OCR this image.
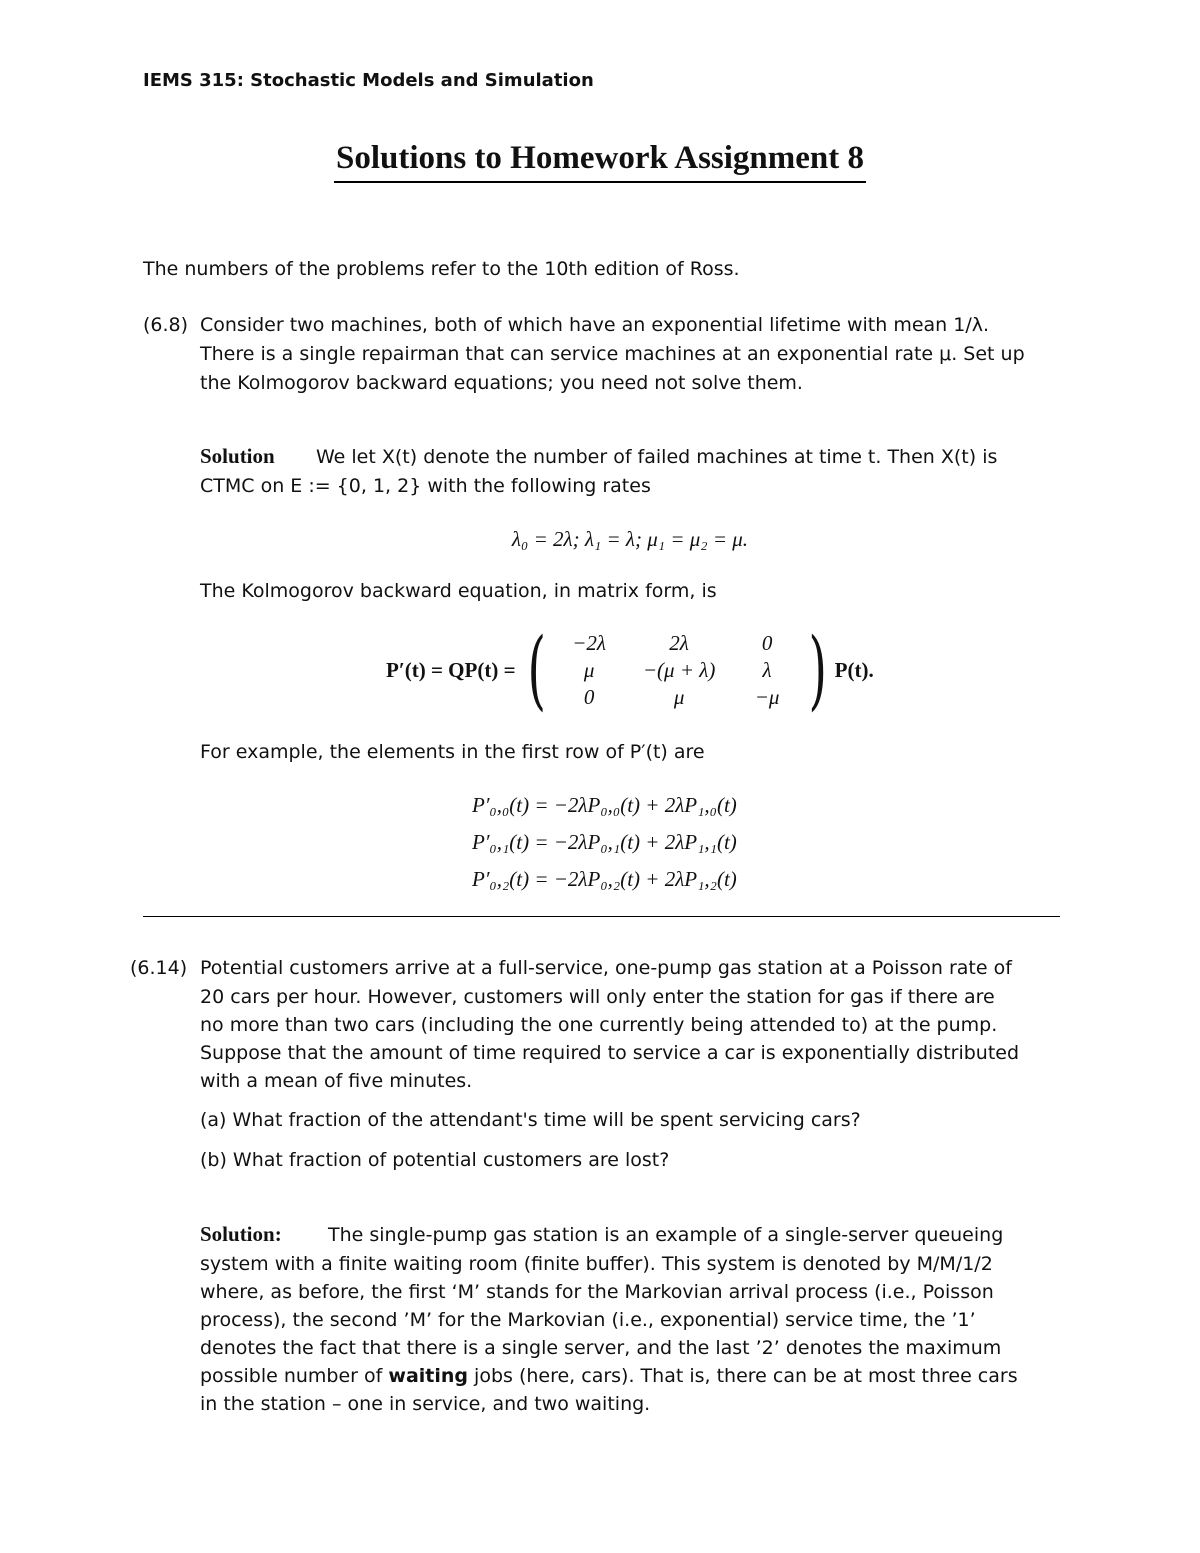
IEMS 315: Stochastic Models and Simulation
Solutions to Homework Assignment 8
The numbers of the problems refer to the 10th edition of Ross.
(6.8) Consider two machines, both of which have an exponential lifetime with mean 1/λ.
There is a single repairman that can service machines at an exponential rate μ. Set up
the Kolmogorov backward equations; you need not solve them.
Solution We let X(t) denote the number of failed machines at time t. Then X(t) is
CTMC on E := {0, 1, 2} with the following rates
λ₀ = 2λ; λ₁ = λ; μ₁ = μ₂ = μ.
The Kolmogorov backward equation, in matrix form, is
P′(t) = QP(t) = (	−2λ	2λ	0
μ	−(μ + λ)	λ
0	μ	−μ ) P(t).
For example, the elements in the first row of P′(t) are
P′₀,₀(t) = −2λP₀,₀(t) + 2λP₁,₀(t)
P′₀,₁(t) = −2λP₀,₁(t) + 2λP₁,₁(t)
P′₀,₂(t) = −2λP₀,₂(t) + 2λP₁,₂(t)
(6.14) Potential customers arrive at a full-service, one-pump gas station at a Poisson rate of
20 cars per hour. However, customers will only enter the station for gas if there are
no more than two cars (including the one currently being attended to) at the pump.
Suppose that the amount of time required to service a car is exponentially distributed
with a mean of five minutes.
(a) What fraction of the attendant's time will be spent servicing cars?
(b) What fraction of potential customers are lost?
Solution: The single-pump gas station is an example of a single-server queueing
system with a finite waiting room (finite buffer). This system is denoted by M/M/1/2
where, as before, the first ‘M’ stands for the Markovian arrival process (i.e., Poisson
process), the second ’M’ for the Markovian (i.e., exponential) service time, the ’1’
denotes the fact that there is a single server, and the last ’2’ denotes the maximum
possible number of waiting jobs (here, cars). That is, there can be at most three cars
in the station – one in service, and two waiting.
